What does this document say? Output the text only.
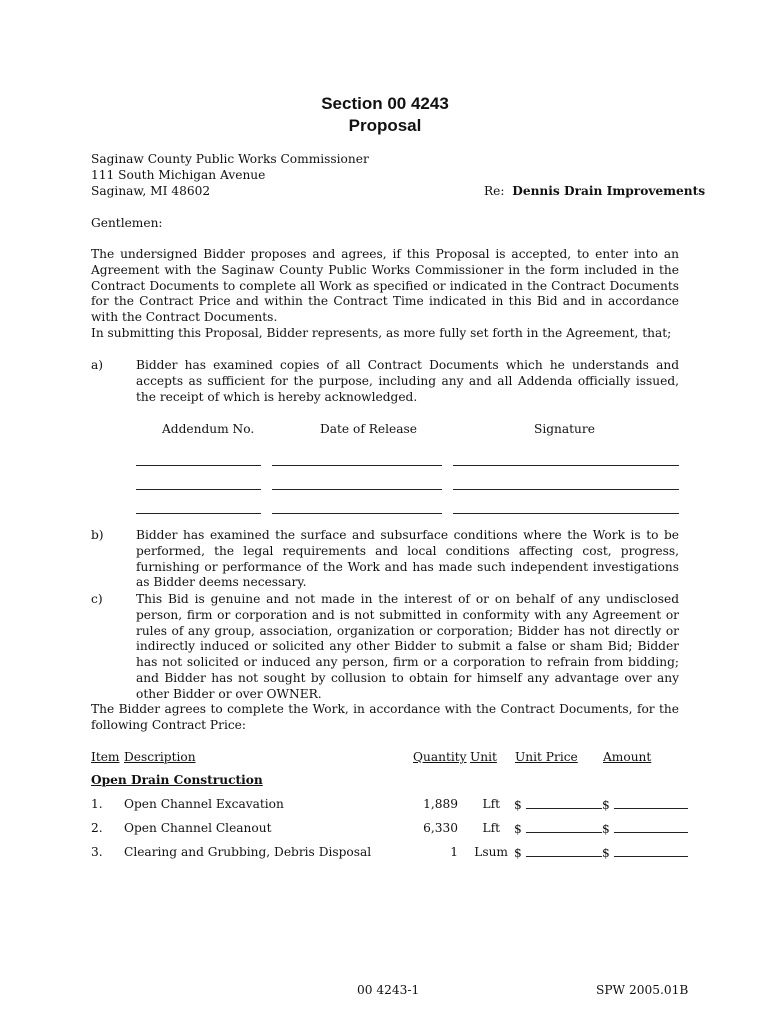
Section 00 4243
Proposal
Saginaw County Public Works Commissioner
111 South Michigan Avenue
Saginaw, MI 48602	Re: Dennis Drain Improvements
Gentlemen:
The undersigned Bidder proposes and agrees, if this Proposal is accepted, to enter into an Agreement with the Saginaw County Public Works Commissioner in the form included in the Contract Documents to complete all Work as specified or indicated in the Contract Documents for the Contract Price and within the Contract Time indicated in this Bid and in accordance with the Contract Documents.
In submitting this Proposal, Bidder represents, as more fully set forth in the Agreement, that;
a)	Bidder has examined copies of all Contract Documents which he understands and accepts as sufficient for the purpose, including any and all Addenda officially issued, the receipt of which is hereby acknowledged.
Addendum No.	Date of Release	Signature
b)	Bidder has examined the surface and subsurface conditions where the Work is to be performed, the legal requirements and local conditions affecting cost, progress, furnishing or performance of the Work and has made such independent investigations as Bidder deems necessary.
c)	This Bid is genuine and not made in the interest of or on behalf of any undisclosed person, firm or corporation and is not submitted in conformity with any Agreement or rules of any group, association, organization or corporation; Bidder has not directly or indirectly induced or solicited any other Bidder to submit a false or sham Bid; Bidder has not solicited or induced any person, firm or a corporation to refrain from bidding; and Bidder has not sought by collusion to obtain for himself any advantage over any other Bidder or over OWNER.
The Bidder agrees to complete the Work, in accordance with the Contract Documents, for the following Contract Price:
Item Description	Quantity Unit Unit Price Amount
Open Drain Construction
1. Open Channel Excavation	1,889	Lft $	$
2. Open Channel Cleanout	6,330	Lft $	$
3. Clearing and Grubbing, Debris Disposal	1	Lsum $	$
00 4243-1	SPW 2005.01B
